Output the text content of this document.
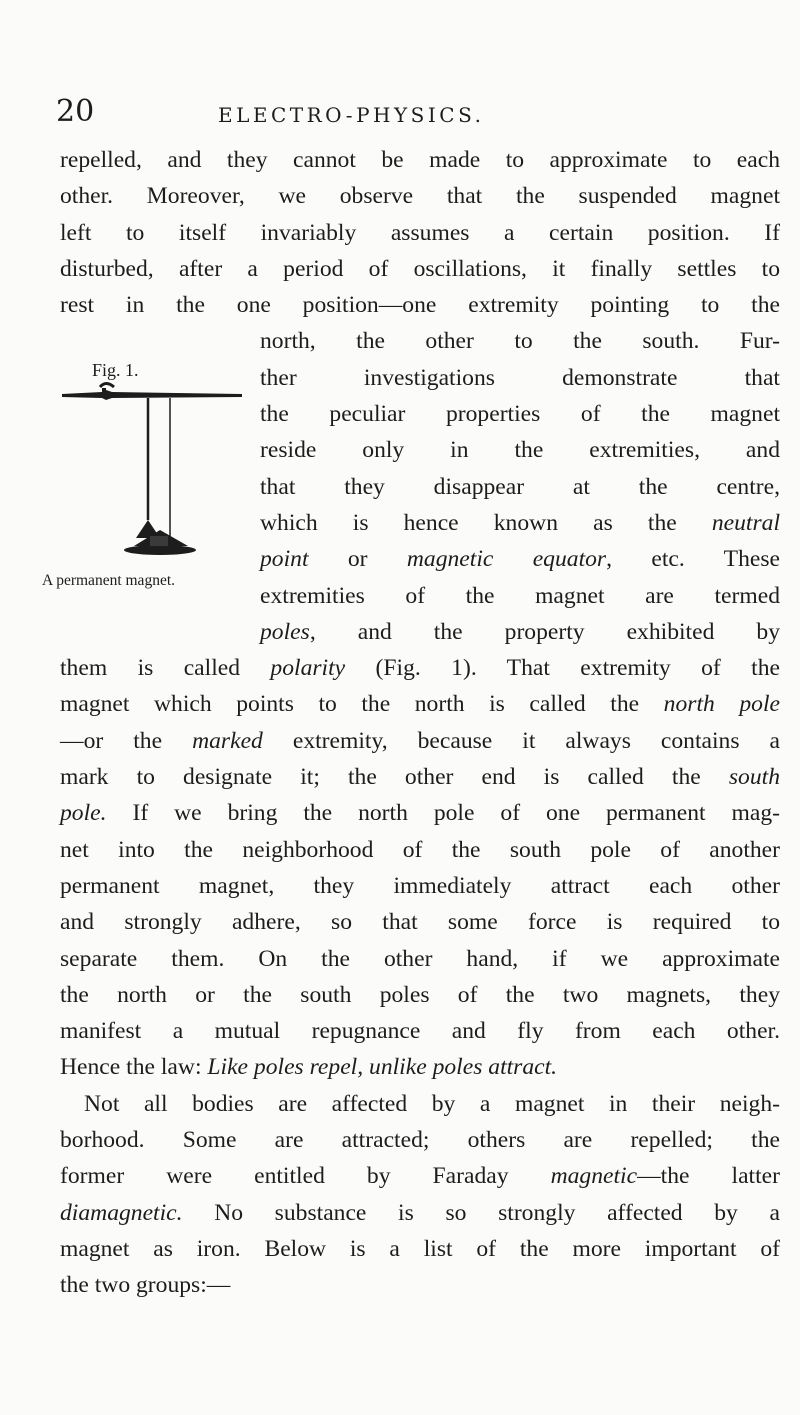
20	ELECTRO-PHYSICS.
Fig. 1.
A permanent magnet.
repelled, and they cannot be made to approximate to each
other. Moreover, we observe that the suspended magnet
left to itself invariably assumes a certain position. If
disturbed, after a period of oscillations, it finally settles to
rest in the one position—one extremity pointing to the
north, the other to the south. Fur-
ther investigations demonstrate that
the peculiar properties of the magnet
reside only in the extremities, and
that they disappear at the centre,
which is hence known as the neutral
point or magnetic equator, etc. These
extremities of the magnet are termed
poles, and the property exhibited by
them is called polarity (Fig. 1). That extremity of the
magnet which points to the north is called the north pole
—or the marked extremity, because it always contains a
mark to designate it; the other end is called the south
pole. If we bring the north pole of one permanent mag-
net into the neighborhood of the south pole of another
permanent magnet, they immediately attract each other
and strongly adhere, so that some force is required to
separate them. On the other hand, if we approximate
the north or the south poles of the two magnets, they
manifest a mutual repugnance and fly from each other.
Hence the law: Like poles repel, unlike poles attract.
Not all bodies are affected by a magnet in their neigh-
borhood. Some are attracted; others are repelled; the
former were entitled by Faraday magnetic—the latter
diamagnetic. No substance is so strongly affected by a
magnet as iron. Below is a list of the more important of
the two groups:—
